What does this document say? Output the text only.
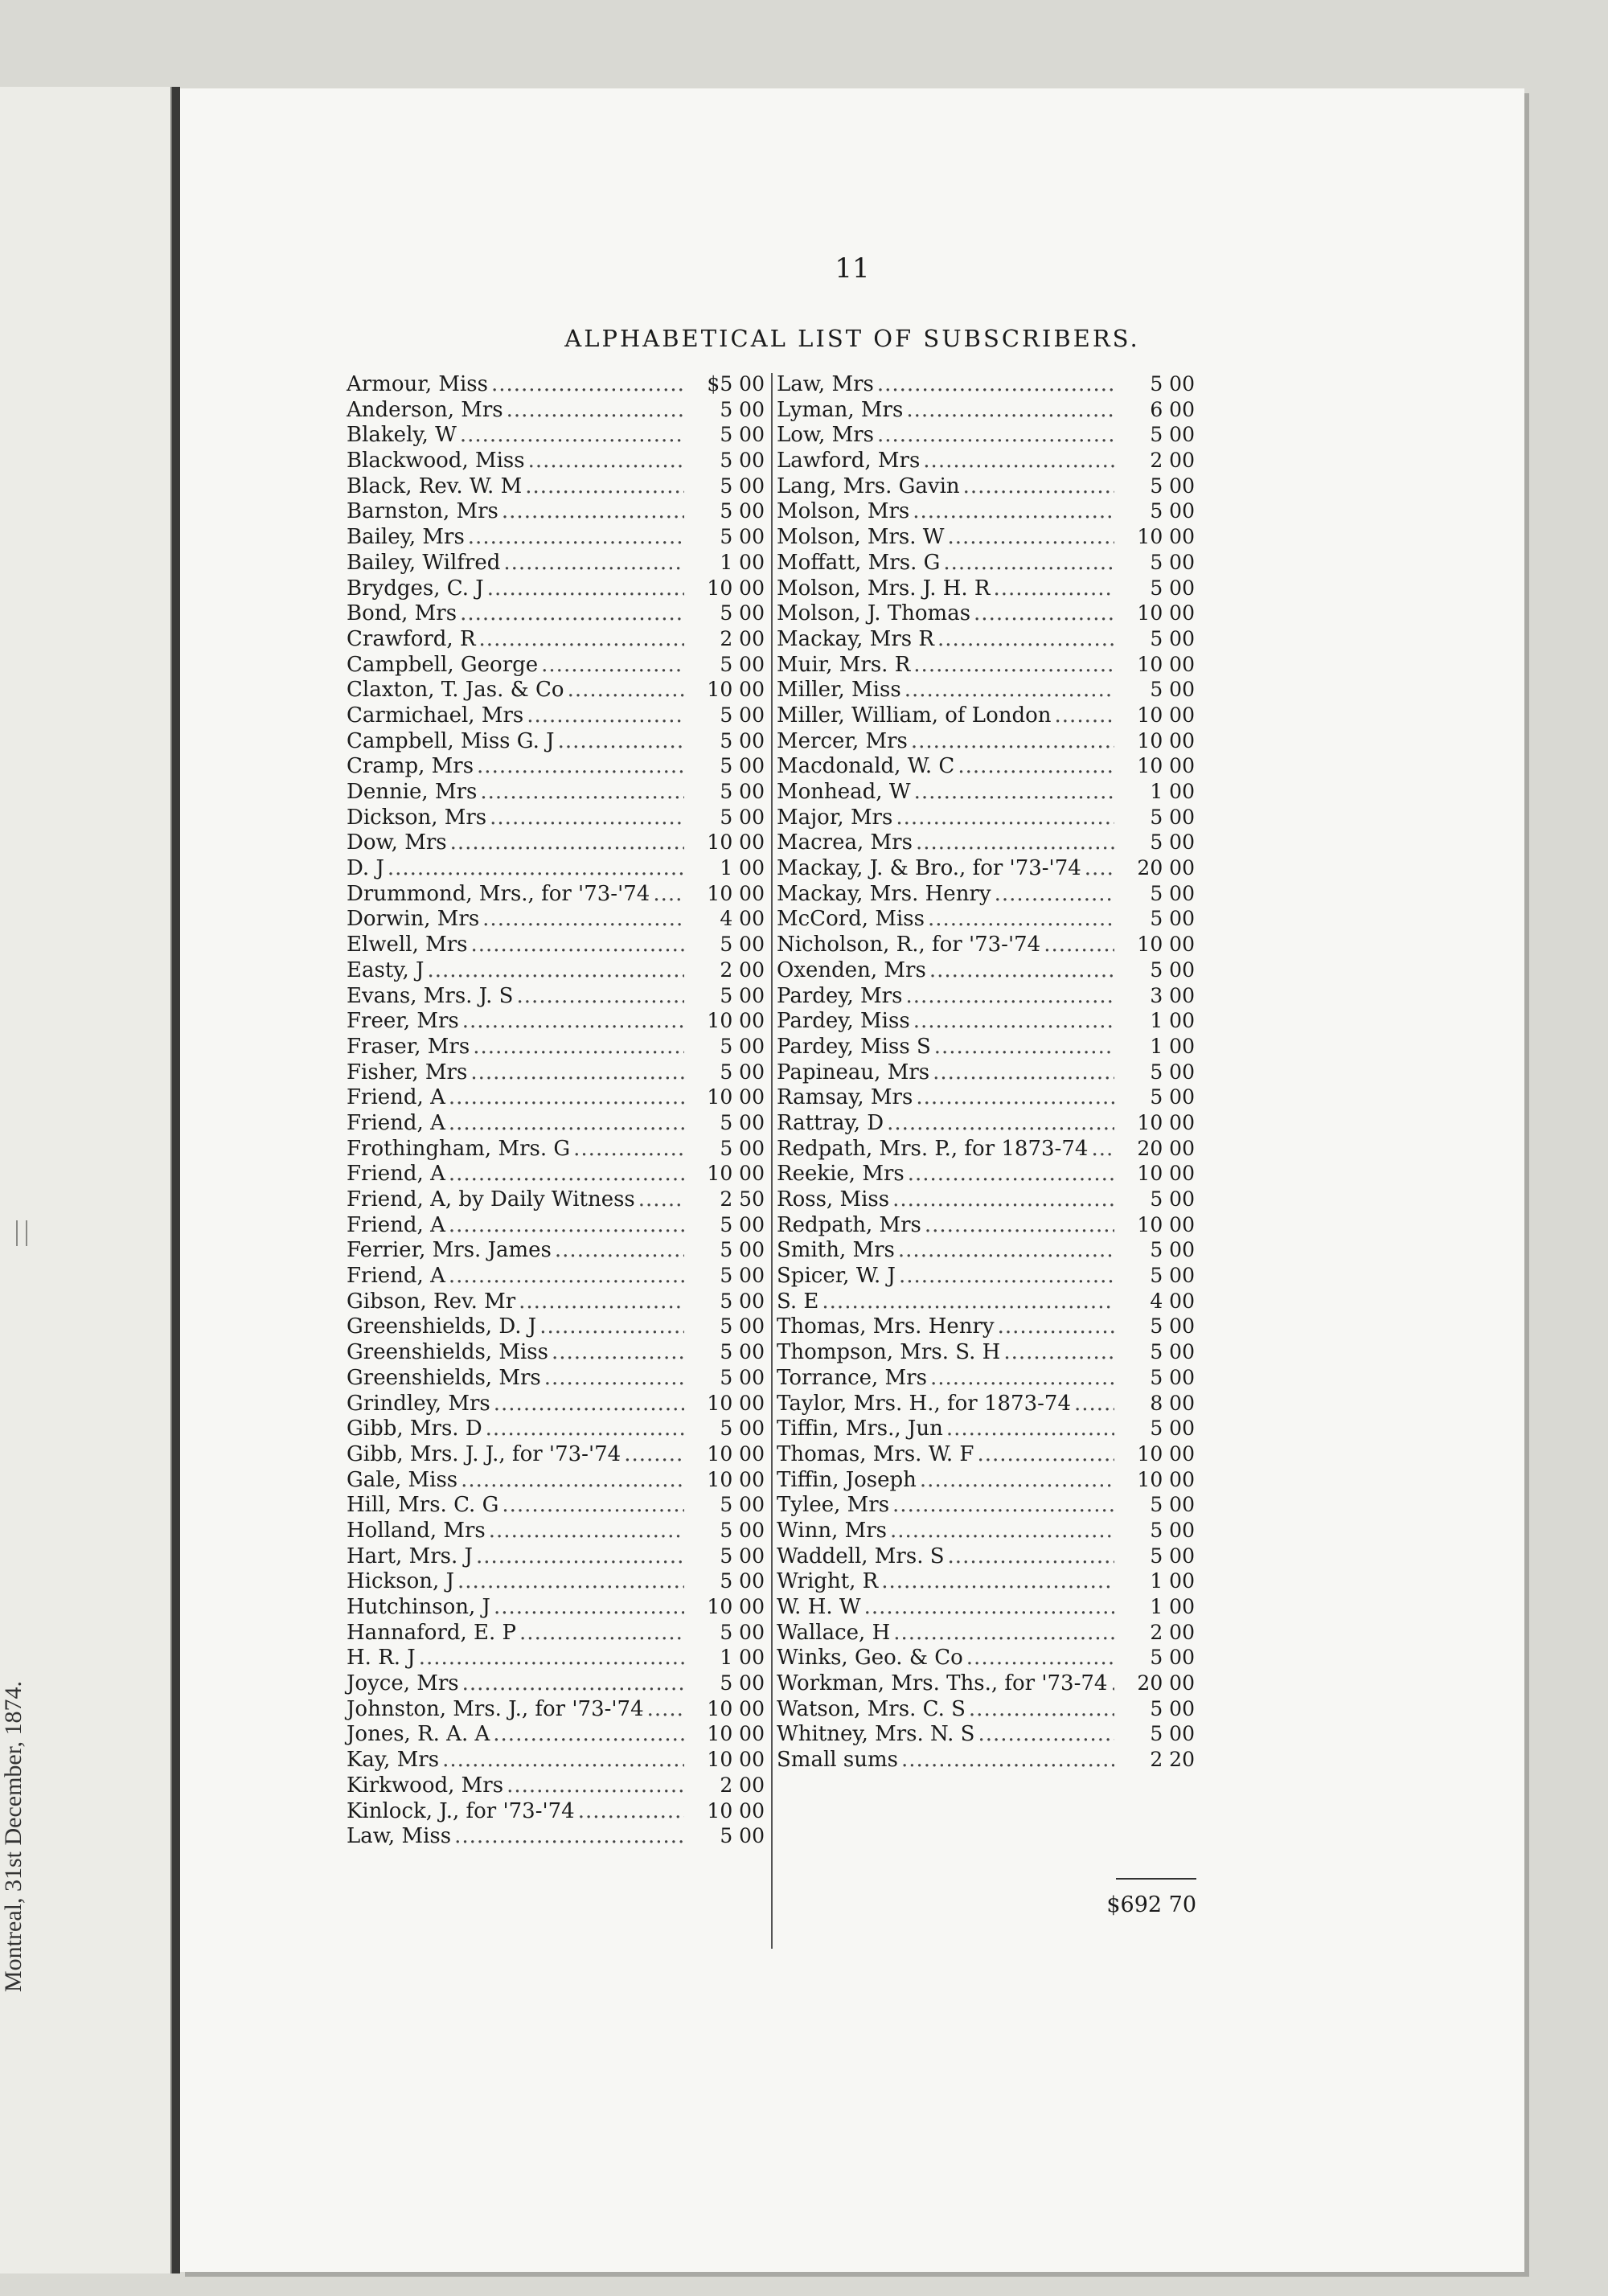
Montreal, 31st December, 1874.
11
ALPHABETICAL LIST OF SUBSCRIBERS.
Armour, Miss .....	$5 00
Anderson, Mrs .....	5 00
Blakely, W .....	5 00
Blackwood, Miss .....	5 00
Black, Rev. W. M .....	5 00
Barnston, Mrs .....	5 00
Bailey, Mrs .....	5 00
Bailey, Wilfred .....	1 00
Brydges, C. J .....	10 00
Bond, Mrs .....	5 00
Crawford, R .....	2 00
Campbell, George .....	5 00
Claxton, T. Jas. & Co .....	10 00
Carmichael, Mrs .....	5 00
Campbell, Miss G. J .....	5 00
Cramp, Mrs .....	5 00
Dennie, Mrs .....	5 00
Dickson, Mrs .....	5 00
Dow, Mrs .....	10 00
D. J .....	1 00
Drummond, Mrs., for '73-'74 .....	10 00
Dorwin, Mrs .....	4 00
Elwell, Mrs .....	5 00
Easty, J .....	2 00
Evans, Mrs. J. S .....	5 00
Freer, Mrs .....	10 00
Fraser, Mrs .....	5 00
Fisher, Mrs .....	5 00
Friend, A .....	10 00
Friend, A .....	5 00
Frothingham, Mrs. G .....	5 00
Friend, A .....	10 00
Friend, A, by Daily Witness .....	2 50
Friend, A .....	5 00
Ferrier, Mrs. James .....	5 00
Friend, A .....	5 00
Gibson, Rev. Mr .....	5 00
Greenshields, D. J .....	5 00
Greenshields, Miss .....	5 00
Greenshields, Mrs .....	5 00
Grindley, Mrs .....	10 00
Gibb, Mrs. D .....	5 00
Gibb, Mrs. J. J., for '73-'74 .....	10 00
Gale, Miss .....	10 00
Hill, Mrs. C. G .....	5 00
Holland, Mrs .....	5 00
Hart, Mrs. J .....	5 00
Hickson, J .....	5 00
Hutchinson, J .....	10 00
Hannaford, E. P .....	5 00
H. R. J .....	1 00
Joyce, Mrs .....	5 00
Johnston, Mrs. J., for '73-'74 .....	10 00
Jones, R. A. A .....	10 00
Kay, Mrs .....	10 00
Kirkwood, Mrs .....	2 00
Kinlock, J., for '73-'74 .....	10 00
Law, Miss .....	5 00
Law, Mrs .....	5 00
Lyman, Mrs .....	6 00
Low, Mrs .....	5 00
Lawford, Mrs .....	2 00
Lang, Mrs. Gavin .....	5 00
Molson, Mrs .....	5 00
Molson, Mrs. W .....	10 00
Moffatt, Mrs. G .....	5 00
Molson, Mrs. J. H. R .....	5 00
Molson, J. Thomas .....	10 00
Mackay, Mrs R .....	5 00
Muir, Mrs. R .....	10 00
Miller, Miss .....	5 00
Miller, William, of London .....	10 00
Mercer, Mrs .....	10 00
Macdonald, W. C .....	10 00
Monhead, W .....	1 00
Major, Mrs .....	5 00
Macrea, Mrs .....	5 00
Mackay, J. & Bro., for '73-'74 .....	20 00
Mackay, Mrs. Henry .....	5 00
McCord, Miss .....	5 00
Nicholson, R., for '73-'74 .....	10 00
Oxenden, Mrs .....	5 00
Pardey, Mrs .....	3 00
Pardey, Miss .....	1 00
Pardey, Miss S .....	1 00
Papineau, Mrs .....	5 00
Ramsay, Mrs .....	5 00
Rattray, D .....	10 00
Redpath, Mrs. P., for 1873-74 .....	20 00
Reekie, Mrs .....	10 00
Ross, Miss .....	5 00
Redpath, Mrs .....	10 00
Smith, Mrs .....	5 00
Spicer, W. J .....	5 00
S. E .....	4 00
Thomas, Mrs. Henry .....	5 00
Thompson, Mrs. S. H .....	5 00
Torrance, Mrs .....	5 00
Taylor, Mrs. H., for 1873-74 .....	8 00
Tiffin, Mrs., Jun .....	5 00
Thomas, Mrs. W. F .....	10 00
Tiffin, Joseph .....	10 00
Tylee, Mrs .....	5 00
Winn, Mrs .....	5 00
Waddell, Mrs. S .....	5 00
Wright, R .....	1 00
W. H. W .....	1 00
Wallace, H .....	2 00
Winks, Geo. & Co .....	5 00
Workman, Mrs. Ths., for '73-74 .....	20 00
Watson, Mrs. C. S .....	5 00
Whitney, Mrs. N. S .....	5 00
Small sums .....	2 20
$692 70
